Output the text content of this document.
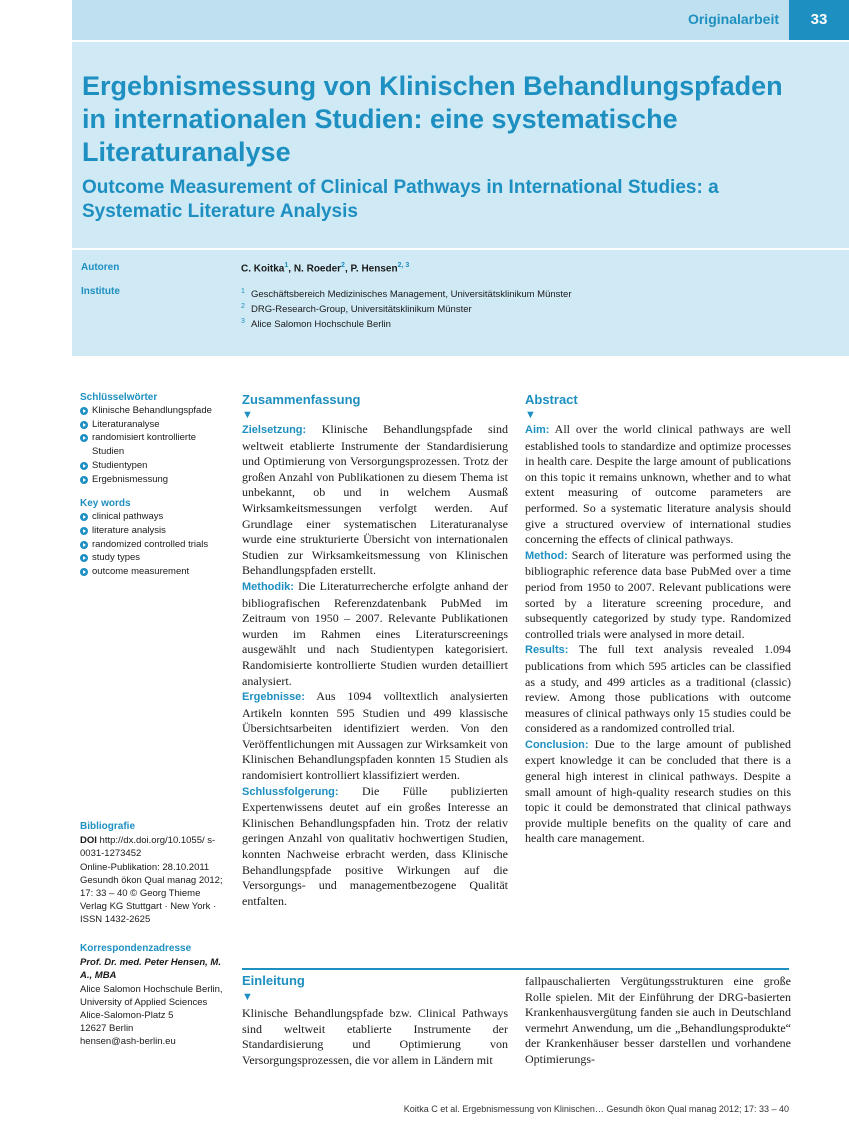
Originalarbeit	33
Ergebnismessung von Klinischen Behandlungspfaden in internationalen Studien: eine systematische Literaturanalyse
Outcome Measurement of Clinical Pathways in International Studies: a Systematic Literature Analysis
Autoren	C. Koitka$^1$, N. Roeder$^2$, P. Hensen$^{2, 3}$
Institute	$^1$ Geschäftsbereich Medizinisches Management, Universitätsklinikum Münster
$^2$ DRG-Research-Group, Universitätsklinikum Münster
$^3$ Alice Salomon Hochschule Berlin
Schlüsselwörter
Klinische Behandlungspfade
Literaturanalyse
randomisiert kontrollierte Studien
Studientypen
Ergebnismessung
Key words
clinical pathways
literature analysis
randomized controlled trials
study types
outcome measurement
Bibliografie
DOI http://dx.doi.org/10.1055/ s-0031-1273452
Online-Publikation: 28.10.2011
Gesundh ökon Qual manag 2012; 17: 33 – 40 © Georg Thieme Verlag KG Stuttgart · New York · ISSN 1432-2625
Korrespondenzadresse
Prof. Dr. med. Peter Hensen, M. A., MBA
Alice Salomon Hochschule Berlin, University of Applied Sciences
Alice-Salomon-Platz 5
12627 Berlin
hensen@ash-berlin.eu
Zusammenfassung
▼

Zielsetzung: Klinische Behandlungspfade sind weltweit etablierte Instrumente der Standardisierung und Optimierung von Versorgungsprozessen. Trotz der großen Anzahl von Publikationen zu diesem Thema ist unbekannt, ob und in welchem Ausmaß Wirksamkeitsmessungen verfolgt werden. Auf Grundlage einer systematischen Literaturanalyse wurde eine strukturierte Übersicht von internationalen Studien zur Wirksamkeitsmessung von Klinischen Behandlungspfaden erstellt.

Methodik: Die Literaturrecherche erfolgte anhand der bibliografischen Referenzdatenbank PubMed im Zeitraum von 1950 – 2007. Relevante Publikationen wurden im Rahmen eines Literaturscreenings ausgewählt und nach Studientypen kategorisiert. Randomisierte kontrollierte Studien wurden detailliert analysiert.

Ergebnisse: Aus 1094 volltextlich analysierten Artikeln konnten 595 Studien und 499 klassische Übersichtsarbeiten identifiziert werden. Von den Veröffentlichungen mit Aussagen zur Wirksamkeit von Klinischen Behandlungspfaden konnten 15 Studien als randomisiert kontrolliert klassifiziert werden.

Schlussfolgerung: Die Fülle publizierten Expertenwissens deutet auf ein großes Interesse an Klinischen Behandlungspfaden hin. Trotz der relativ geringen Anzahl von qualitativ hochwertigen Studien, konnten Nachweise erbracht werden, dass Klinische Behandlungspfade positive Wirkungen auf die Versorgungs- und managementbezogene Qualität entfalten.

Abstract
▼

Aim: All over the world clinical pathways are well established tools to standardize and optimize processes in health care. Despite the large amount of publications on this topic it remains unknown, whether and to what extent measuring of outcome parameters are performed. So a systematic literature analysis should give a structured overview of international studies concerning the effects of clinical pathways.

Method: Search of literature was performed using the bibliographic reference data base PubMed over a time period from 1950 to 2007. Relevant publications were sorted by a literature screening procedure, and subsequently categorized by study type. Randomized controlled trials were analysed in more detail.

Results: The full text analysis revealed 1.094 publications from which 595 articles can be classified as a study, and 499 articles as a traditional (classic) review. Among those publications with outcome measures of clinical pathways only 15 studies could be considered as a randomized controlled trial.

Conclusion: Due to the large amount of published expert knowledge it can be concluded that there is a general high interest in clinical pathways. Despite a small amount of high-quality research studies on this topic it could be demonstrated that clinical pathways provide multiple benefits on the quality of care and health care management.

Einleitung
▼

Klinische Behandlungspfade bzw. Clinical Pathways sind weltweit etablierte Instrumente der Standardisierung und Optimierung von Versorgungsprozessen, die vor allem in Ländern mit

fallpauschalierten Vergütungsstrukturen eine große Rolle spielen. Mit der Einführung der DRG-basierten Krankenhausvergütung fanden sie auch in Deutschland vermehrt Anwendung, um die „Behandlungsprodukte“ der Krankenhäuser besser darstellen und vorhandene Optimierungs-

Koitka C et al. Ergebnismessung von Klinischen… Gesundh ökon Qual manag 2012; 17: 33 – 40
